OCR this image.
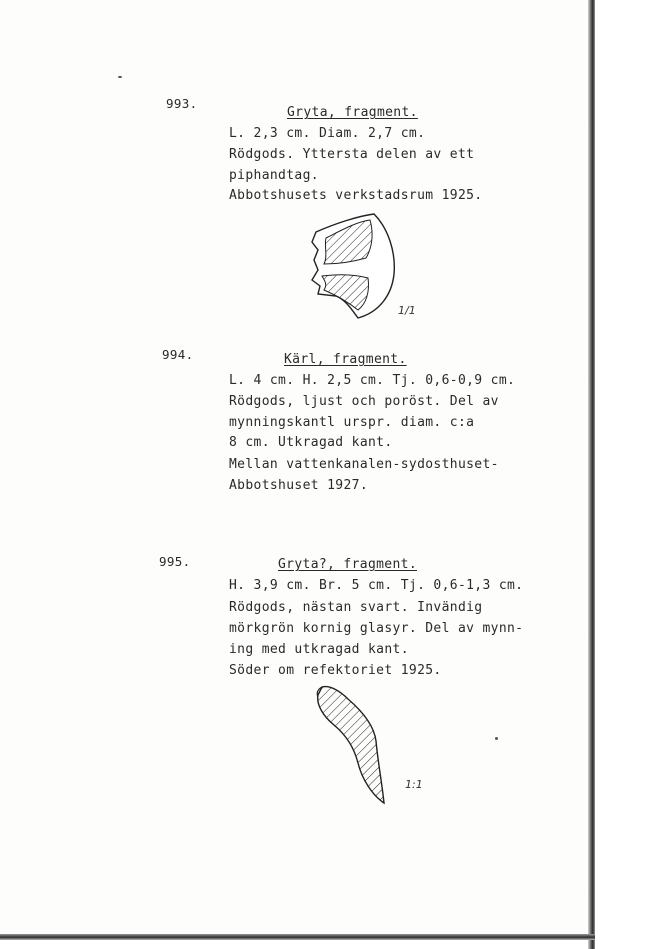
993.
Gryta, fragment.
L. 2,3 cm. Diam. 2,7 cm.
Rödgods. Yttersta delen av ett
piphandtag.
Abbotshusets verkstadsrum 1925.
1/1
994.	Kärl, fragment.
L. 4 cm. H. 2,5 cm. Tj. 0,6-0,9 cm.
Rödgods, ljust och poröst. Del av
mynningskantl urspr. diam. c:a
8 cm. Utkragad kant.
Mellan vattenkanalen-sydosthuset-
Abbotshuset 1927.
995.	Gryta?, fragment.
H. 3,9 cm. Br. 5 cm. Tj. 0,6-1,3 cm.
Rödgods, nästan svart. Invändig
mörkgrön kornig glasyr. Del av mynn-
ing med utkragad kant.
Söder om refektoriet 1925.
1:1
